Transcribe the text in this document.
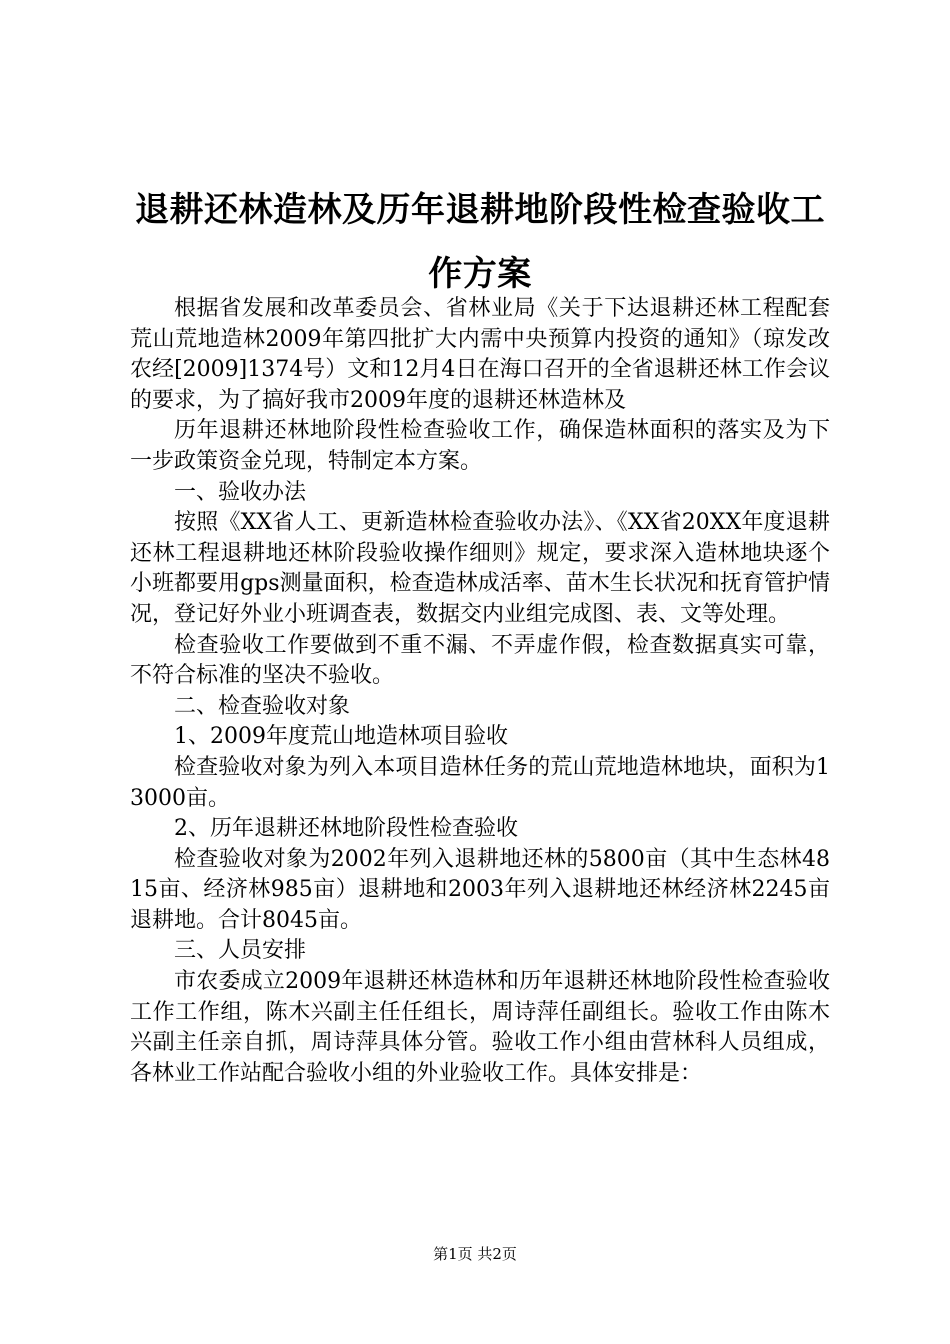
退耕还林造林及历年退耕地阶段性检查验收工作方案

根据省发展和改革委员会、省林业局《关于下达退耕还林工程配套荒山荒地造林2009年第四批扩大内需中央预算内投资的通知》（琼发改农经[2009]1374号）文和12月4日在海口召开的全省退耕还林工作会议的要求，为了搞好我市2009年度的退耕还林造林及

历年退耕还林地阶段性检查验收工作，确保造林面积的落实及为下一步政策资金兑现，特制定本方案。

一、验收办法

按照《XX省人工、更新造林检查验收办法》、《XX省20XX年度退耕还林工程退耕地还林阶段验收操作细则》规定，要求深入造林地块逐个小班都要用gps测量面积，检查造林成活率、苗木生长状况和抚育管护情况，登记好外业小班调查表，数据交内业组完成图、表、文等处理。

检查验收工作要做到不重不漏、不弄虚作假，检查数据真实可靠，不符合标准的坚决不验收。

二、检查验收对象

1、2009年度荒山地造林项目验收

检查验收对象为列入本项目造林任务的荒山荒地造林地块，面积为13000亩。

2、历年退耕还林地阶段性检查验收

检查验收对象为2002年列入退耕地还林的5800亩（其中生态林4815亩、经济林985亩）退耕地和2003年列入退耕地还林经济林2245亩退耕地。合计8045亩。

三、人员安排

市农委成立2009年退耕还林造林和历年退耕还林地阶段性检查验收工作工作组，陈木兴副主任任组长，周诗萍任副组长。验收工作由陈木兴副主任亲自抓，周诗萍具体分管。验收工作小组由营林科人员组成，各林业工作站配合验收小组的外业验收工作。具体安排是：

第1页 共2页
